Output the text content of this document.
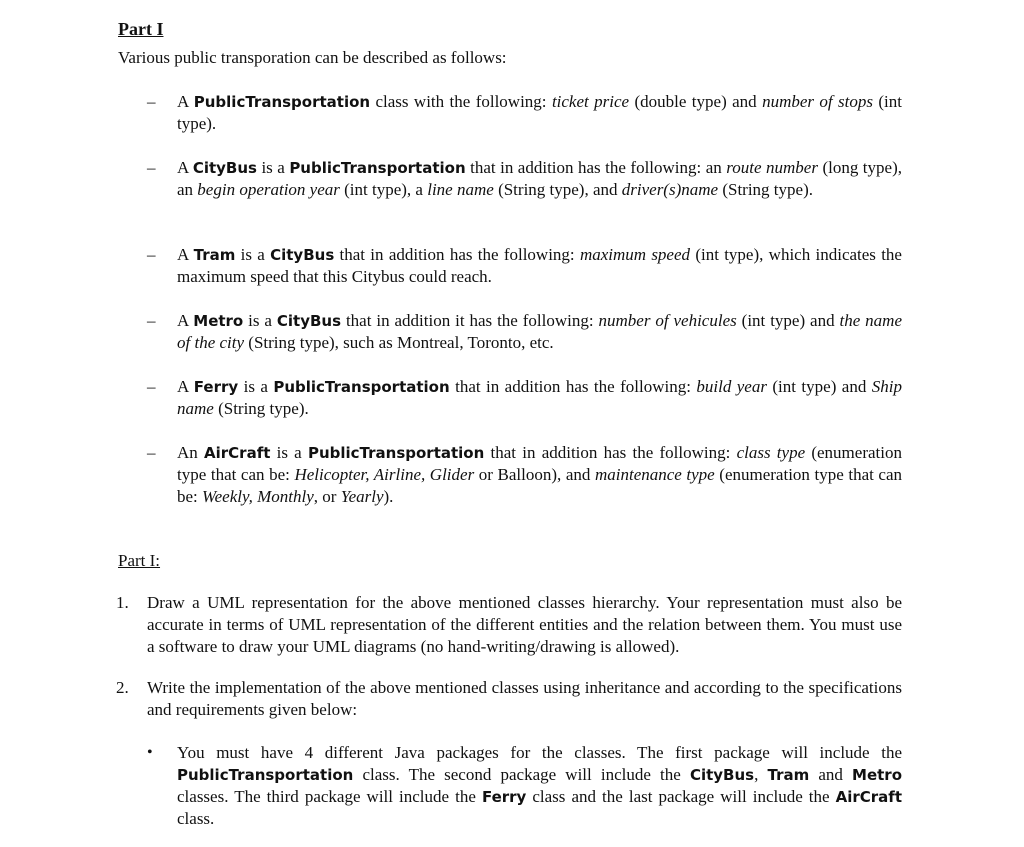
Part I
Various public transporation can be described as follows:
– A PublicTransportation class with the following: ticket price (double type) and number of stops (int type).
– A CityBus is a PublicTransportation that in addition has the following: an route number (long type), an begin operation year (int type), a line name (String type), and driver(s)name (String type).
– A Tram is a CityBus that in addition has the following: maximum speed (int type), which indicates the maximum speed that this Citybus could reach.
– A Metro is a CityBus that in addition it has the following: number of vehicules (int type) and the name of the city (String type), such as Montreal, Toronto, etc.
– A Ferry is a PublicTransportation that in addition has the following: build year (int type) and Ship name (String type).
– An AirCraft is a PublicTransportation that in addition has the following: class type (enumeration type that can be: Helicopter, Airline, Glider or Balloon), and maintenance type (enumeration type that can be: Weekly, Monthly, or Yearly).
Part I:
1. Draw a UML representation for the above mentioned classes hierarchy. Your representation must also be accurate in terms of UML representation of the different entities and the relation between them. You must use a software to draw your UML diagrams (no hand-writing/drawing is allowed).
2. Write the implementation of the above mentioned classes using inheritance and according to the specifications and requirements given below:
• You must have 4 different Java packages for the classes. The first package will include the PublicTransportation class. The second package will include the CityBus, Tram and Metro classes. The third package will include the Ferry class and the last package will include the AirCraft class.
